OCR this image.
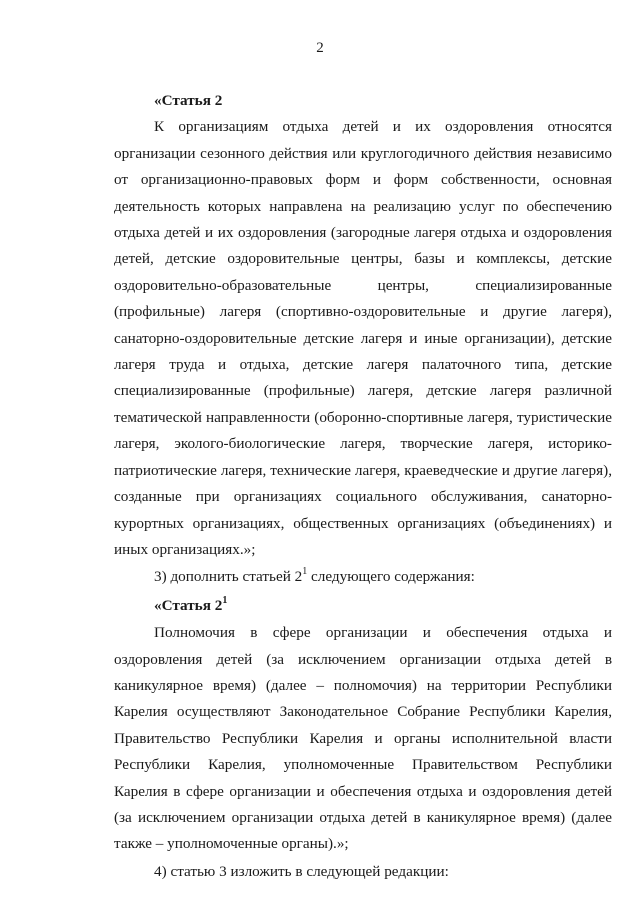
2

«Статья 2

К организациям отдыха детей и их оздоровления относятся организации сезонного действия или круглогодичного действия независимо от организационно-правовых форм и форм собственности, основная деятельность которых направлена на реализацию услуг по обеспечению отдыха детей и их оздоровления (загородные лагеря отдыха и оздоровления детей, детские оздоровительные центры, базы и комплексы, детские оздоровительно-образовательные центры, специализированные (профильные) лагеря (спортивно-оздоровительные и другие лагеря), санаторно-оздоровительные детские лагеря и иные организации), детские лагеря труда и отдыха, детские лагеря палаточного типа, детские специализированные (профильные) лагеря, детские лагеря различной тематической направленности (оборонно-спортивные лагеря, туристические лагеря, эколого-биологические лагеря, творческие лагеря, историко-патриотические лагеря, технические лагеря, краеведческие и другие лагеря), созданные при организациях социального обслуживания, санаторно-курортных организациях, общественных организациях (объединениях) и иных организациях.»;

3) дополнить статьей $2^1$ следующего содержания:

«Статья $2^1$

Полномочия в сфере организации и обеспечения отдыха и оздоровления детей (за исключением организации отдыха детей в каникулярное время) (далее – полномочия) на территории Республики Карелия осуществляют Законодательное Собрание Республики Карелия, Правительство Республики Карелия и органы исполнительной власти Республики Карелия, уполномоченные Правительством Республики Карелия в сфере организации и обеспечения отдыха и оздоровления детей (за исключением организации отдыха детей в каникулярное время) (далее также – уполномоченные органы).»;

4) статью 3 изложить в следующей редакции:
